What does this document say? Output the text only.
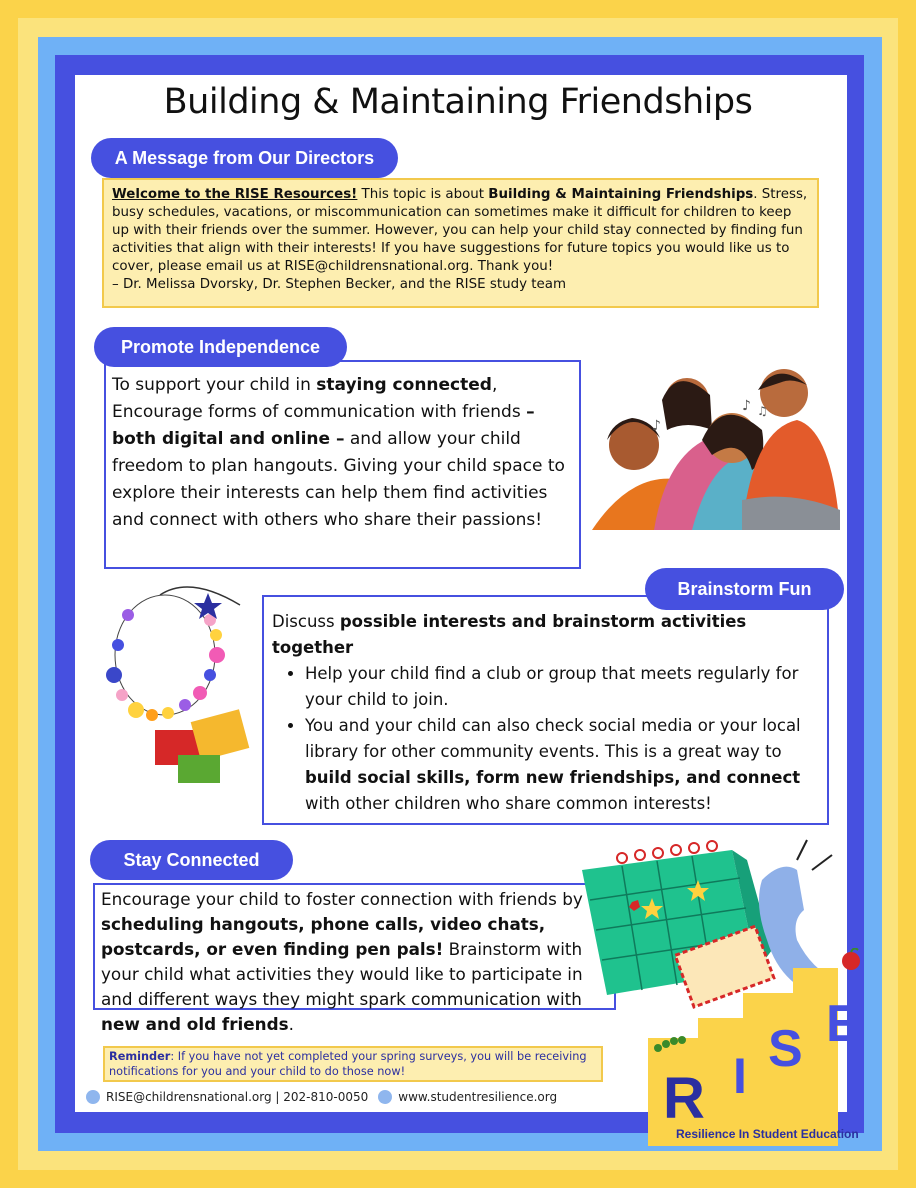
Building & Maintaining Friendships
A Message from Our Directors
Welcome to the RISE Resources! This topic is about Building & Maintaining Friendships. Stress, busy schedules, vacations, or miscommunication can sometimes make it difficult for children to keep up with their friends over the summer. However, you can help your child stay connected by finding fun activities that align with their interests! If you have suggestions for future topics you would like us to cover, please email us at RISE@childrensnational.org. Thank you!
– Dr. Melissa Dvorsky, Dr. Stephen Becker, and the RISE study team

To support your child in staying connected, Encourage forms of communication with friends – both digital and online – and allow your child freedom to plan hangouts. Giving your child space to explore their interests can help them find activities and connect with others who share their passions!

Promote Independence
♪
♪ ♫

Discuss possible interests and brainstorm activities together

• Help your child find a club or group that meets regularly for your child to join.
• You and your child can also check social media or your local library for other community events. This is a great way to build social skills, form new friendships, and connect with other children who share common interests!
Brainstorm Fun

Encourage your child to foster connection with friends by scheduling hangouts, phone calls, video chats, postcards, or even finding pen pals! Brainstorm with your child what activities they would like to participate in and different ways they might spark communication with new and old friends.

Stay Connected
Reminder: If you have not yet completed your spring surveys, you will be receiving notifications for you and your child to do those now!
RISE@childrensnational.org | 202-810-0050	www.studentresilience.org R I S E
Resilience In Student Education
